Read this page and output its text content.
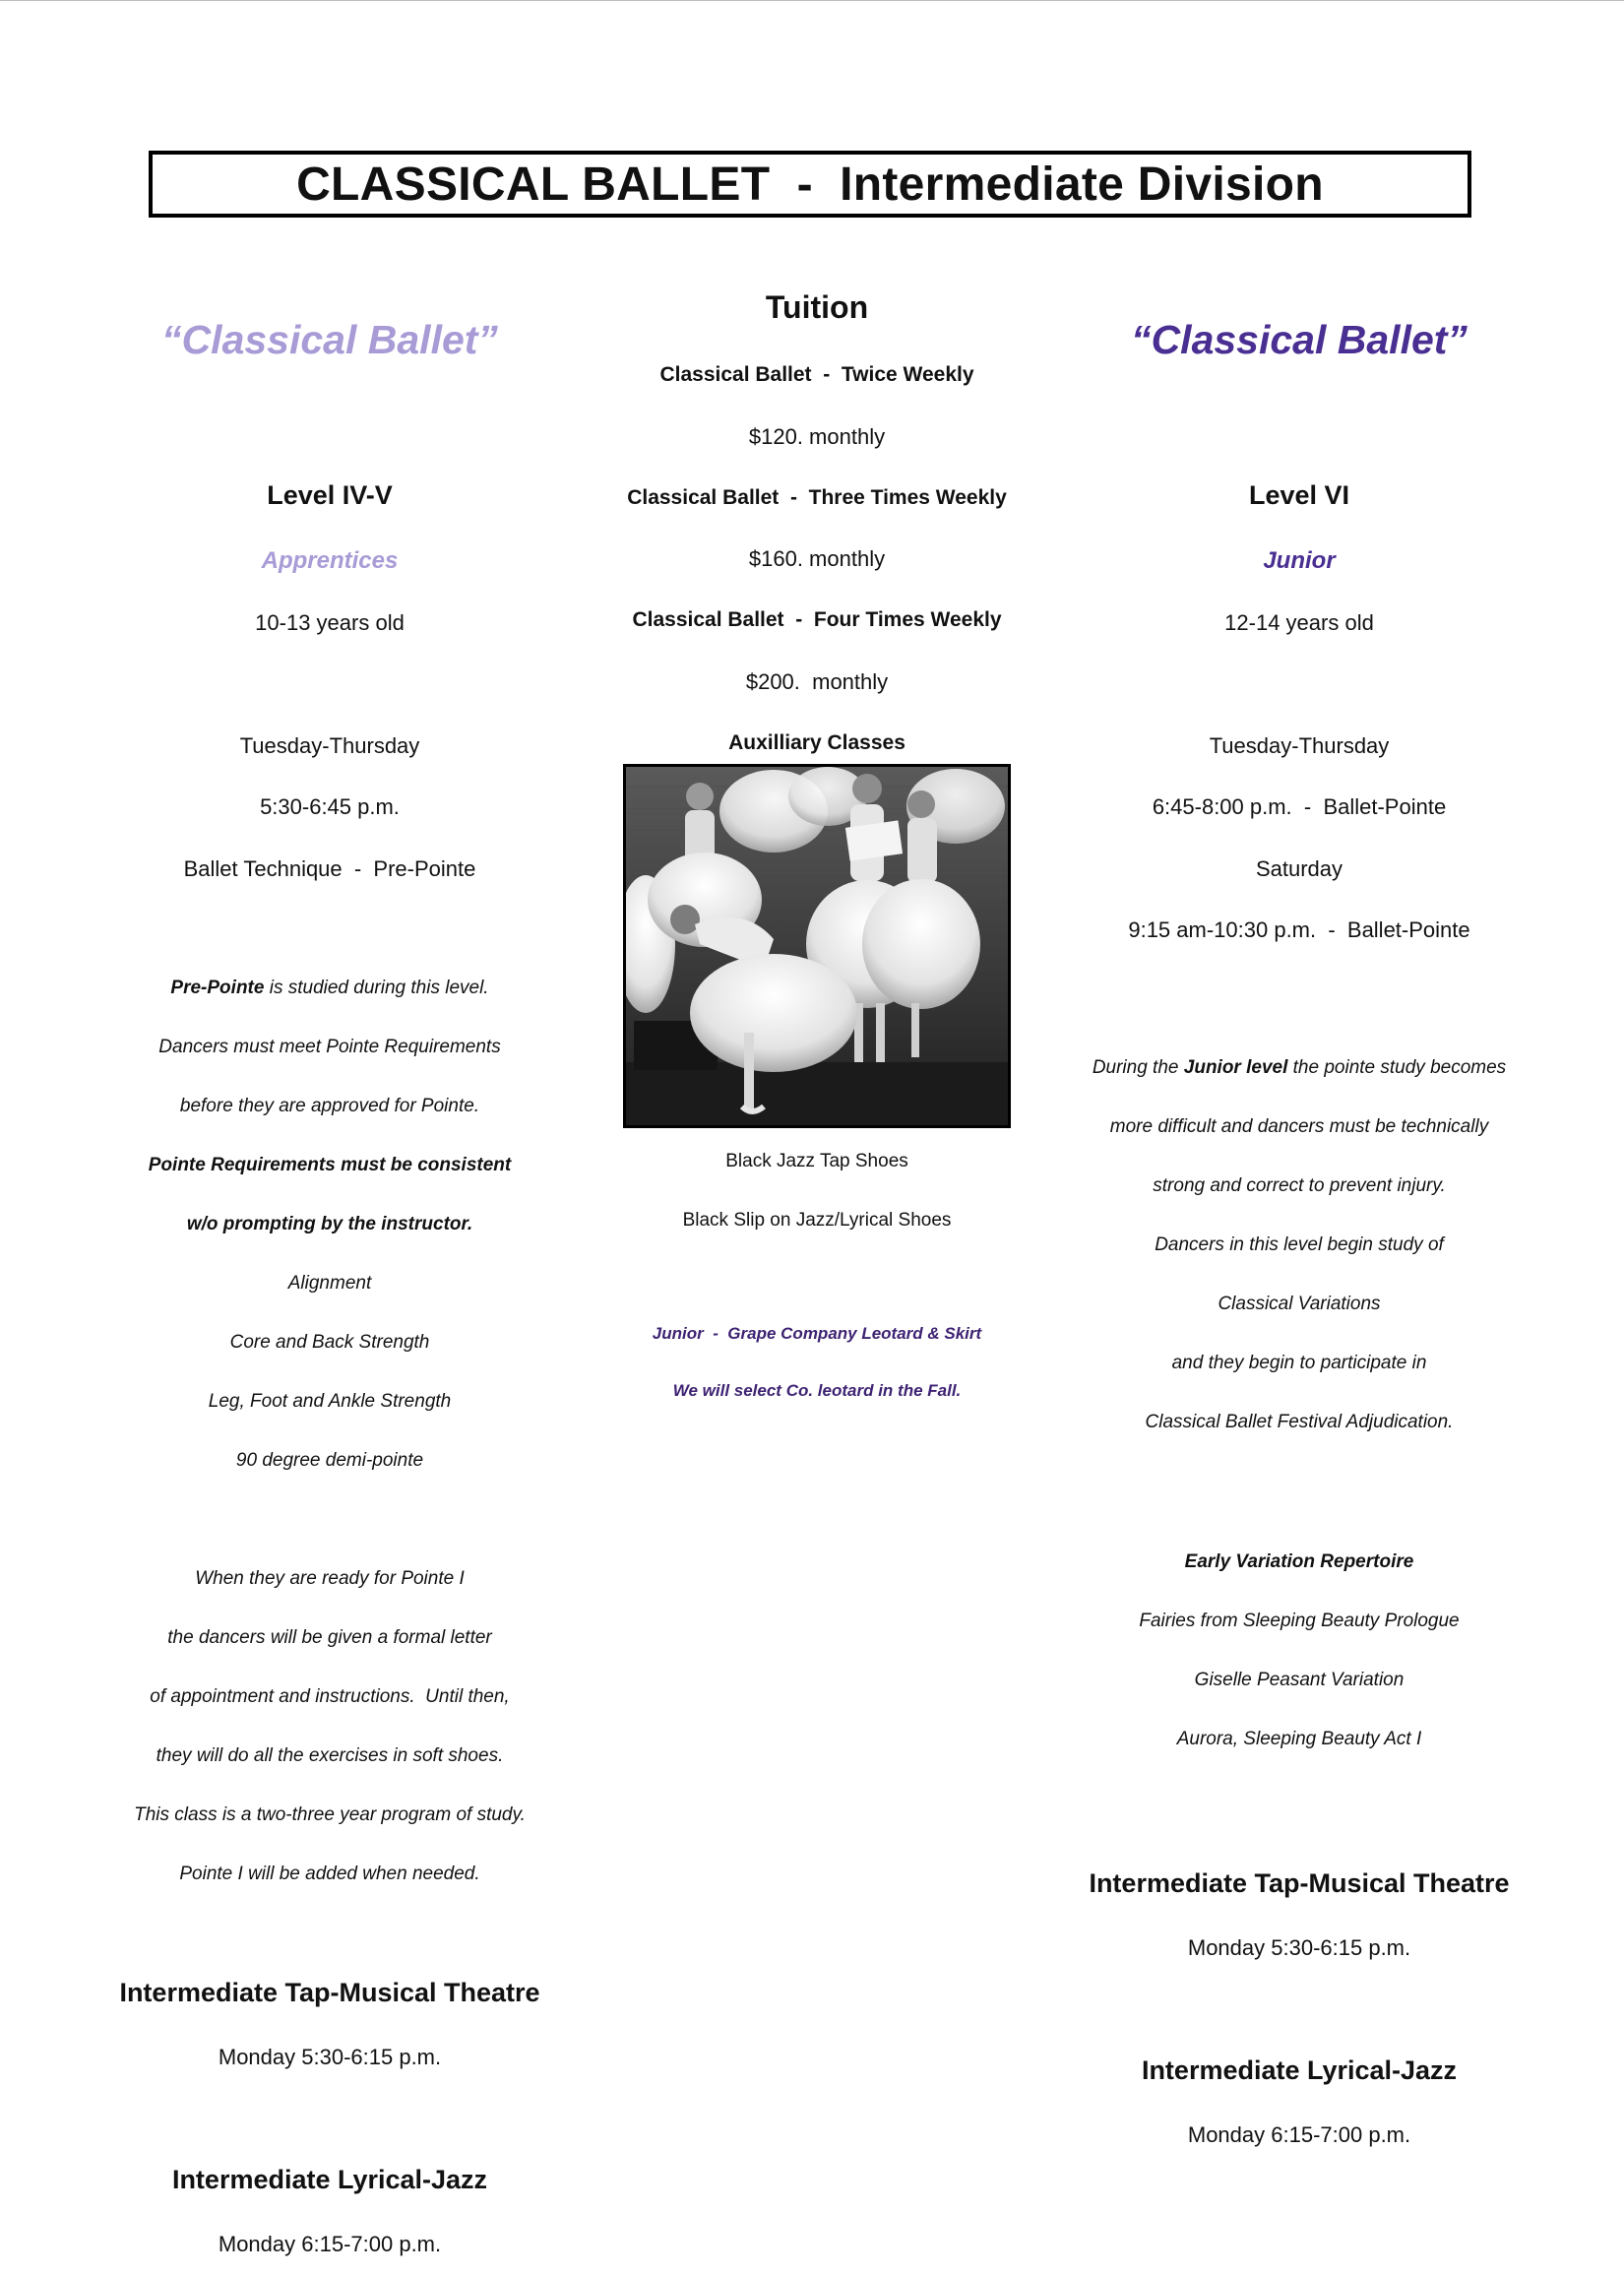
CLASSICAL BALLET  -  Intermediate Division

“Classical Ballet”

Level IV-V

Apprentices

10-13 years old

Tuesday-Thursday

5:30-6:45 p.m.

Ballet Technique  -  Pre-Pointe

Pre-Pointe is studied during this level.

Dancers must meet Pointe Requirements

before they are approved for Pointe.

Pointe Requirements must be consistent

w/o prompting by the instructor.

Alignment

Core and Back Strength

Leg, Foot and Ankle Strength

90 degree demi-pointe

When they are ready for Pointe I

the dancers will be given a formal letter

of appointment and instructions.  Until then,

they will do all the exercises in soft shoes.

This class is a two-three year program of study.

Pointe I will be added when needed.

Intermediate Tap-Musical Theatre

Monday 5:30-6:15 p.m.

Intermediate Lyrical-Jazz

Monday 6:15-7:00 p.m.

Tuition

Classical Ballet  -  Twice Weekly

$120. monthly

Classical Ballet  -  Three Times Weekly

$160. monthly

Classical Ballet  -  Four Times Weekly

$200.  monthly

Auxilliary Classes

Black Jazz Tap Shoes

Black Slip on Jazz/Lyrical Shoes

Junior  -  Grape Company Leotard & Skirt

We will select Co. leotard in the Fall.

“Classical Ballet”

Level VI

Junior

12-14 years old

Tuesday-Thursday

6:45-8:00 p.m.  -  Ballet-Pointe

Saturday

9:15 am-10:30 p.m.  -  Ballet-Pointe

During the Junior level the pointe study becomes

more difficult and dancers must be technically

strong and correct to prevent injury.

Dancers in this level begin study of

Classical Variations

and they begin to participate in

Classical Ballet Festival Adjudication.

Early Variation Repertoire

Fairies from Sleeping Beauty Prologue

Giselle Peasant Variation

Aurora, Sleeping Beauty Act I

Intermediate Tap-Musical Theatre

Monday 5:30-6:15 p.m.

Intermediate Lyrical-Jazz

Monday 6:15-7:00 p.m.
